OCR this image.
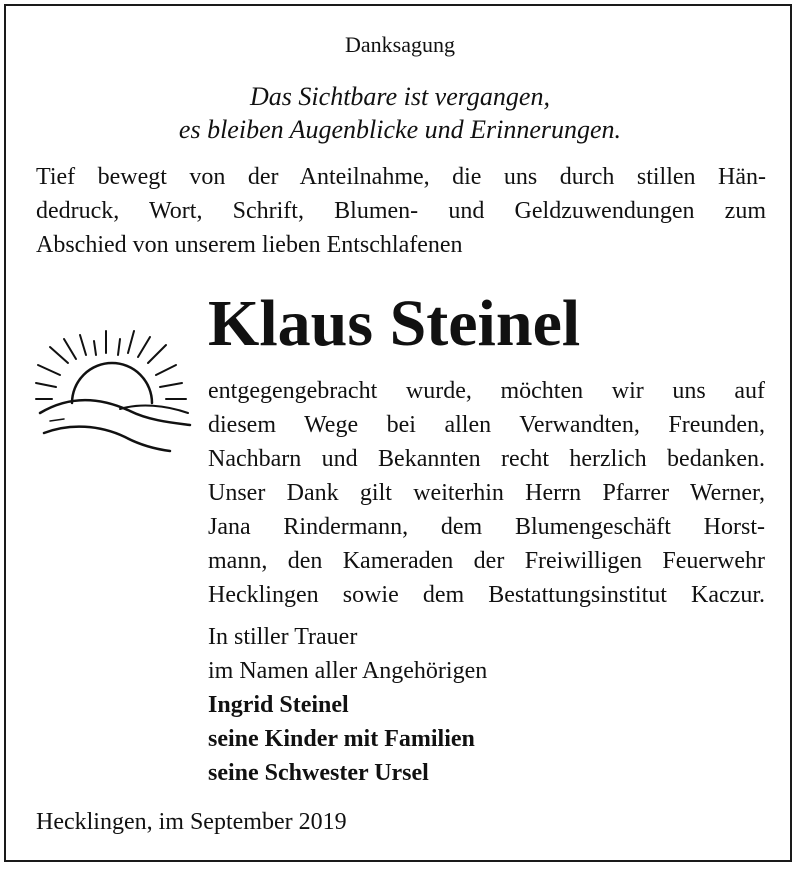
Danksagung
Das Sichtbare ist vergangen,
es bleiben Augenblicke und Erinnerungen.
Tief bewegt von der Anteilnahme, die uns durch stillen Hän-
dedruck, Wort, Schrift, Blumen- und Geldzuwendungen zum
Abschied von unserem lieben Entschlafenen
Klaus Steinel
entgegengebracht wurde, möchten wir uns auf
diesem Wege bei allen Verwandten, Freunden,
Nachbarn und Bekannten recht herzlich bedanken.
Unser Dank gilt weiterhin Herrn Pfarrer Werner,
Jana Rindermann, dem Blumengeschäft Horst-
mann, den Kameraden der Freiwilligen Feuerwehr
Hecklingen sowie dem Bestattungsinstitut Kaczur.
In stiller Trauer
im Namen aller Angehörigen
Ingrid Steinel
seine Kinder mit Familien
seine Schwester Ursel
Hecklingen, im September 2019
